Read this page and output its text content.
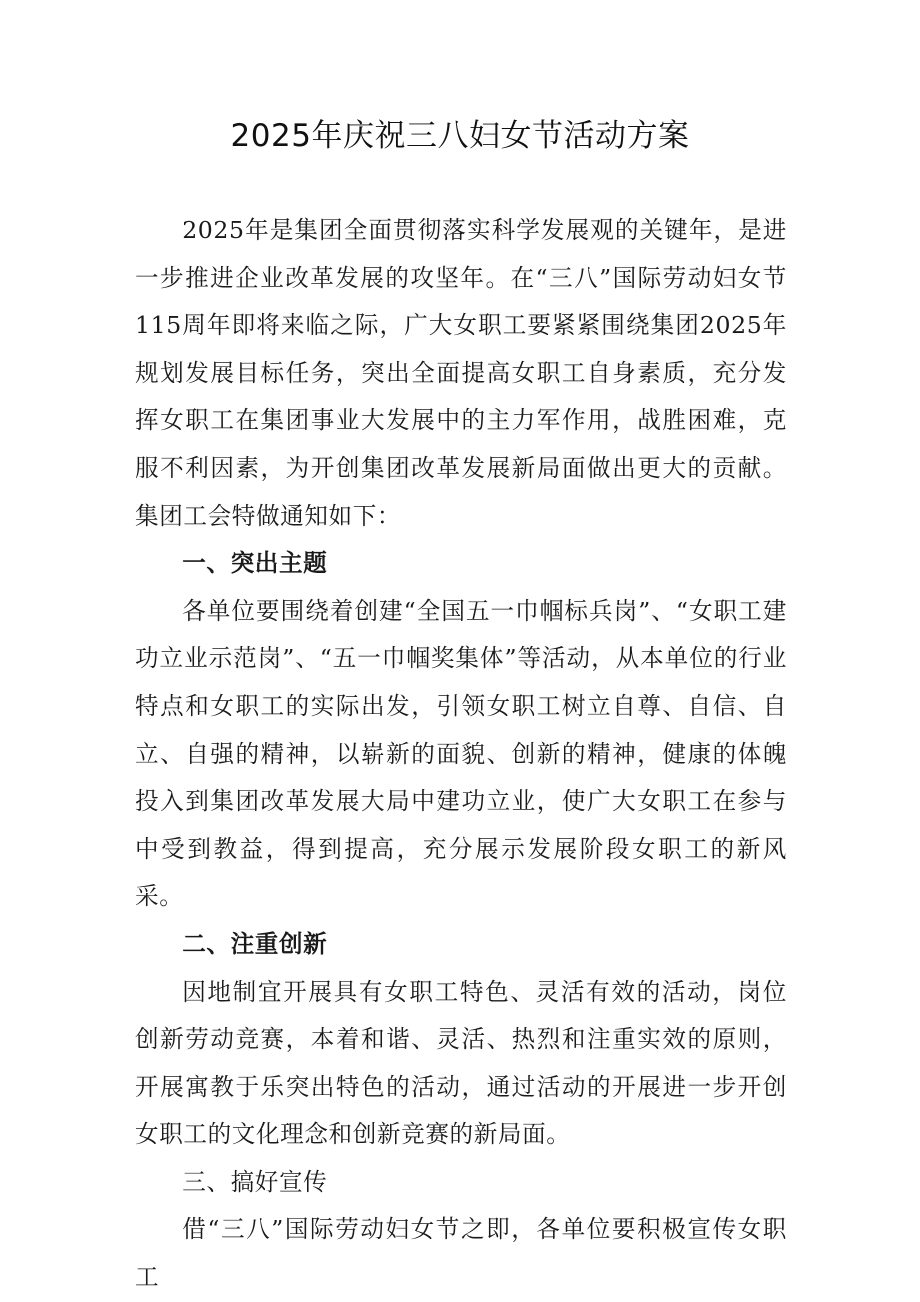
2025年庆祝三八妇女节活动方案

2025年是集团全面贯彻落实科学发展观的关键年，是进一步推进企业改革发展的攻坚年。在“三八”国际劳动妇女节115周年即将来临之际，广大女职工要紧紧围绕集团2025年规划发展目标任务，突出全面提高女职工自身素质，充分发挥女职工在集团事业大发展中的主力军作用，战胜困难，克服不利因素，为开创集团改革发展新局面做出更大的贡献。集团工会特做通知如下：

一、突出主题

各单位要围绕着创建“全国五一巾帼标兵岗”、“女职工建功立业示范岗”、“五一巾帼奖集体”等活动，从本单位的行业特点和女职工的实际出发，引领女职工树立自尊、自信、自立、自强的精神，以崭新的面貌、创新的精神，健康的体魄投入到集团改革发展大局中建功立业，使广大女职工在参与中受到教益，得到提高，充分展示发展阶段女职工的新风采。

二、注重创新

因地制宜开展具有女职工特色、灵活有效的活动，岗位创新劳动竞赛，本着和谐、灵活、热烈和注重实效的原则，开展寓教于乐突出特色的活动，通过活动的开展进一步开创女职工的文化理念和创新竞赛的新局面。

三、搞好宣传

借“三八”国际劳动妇女节之即，各单位要积极宣传女职工
